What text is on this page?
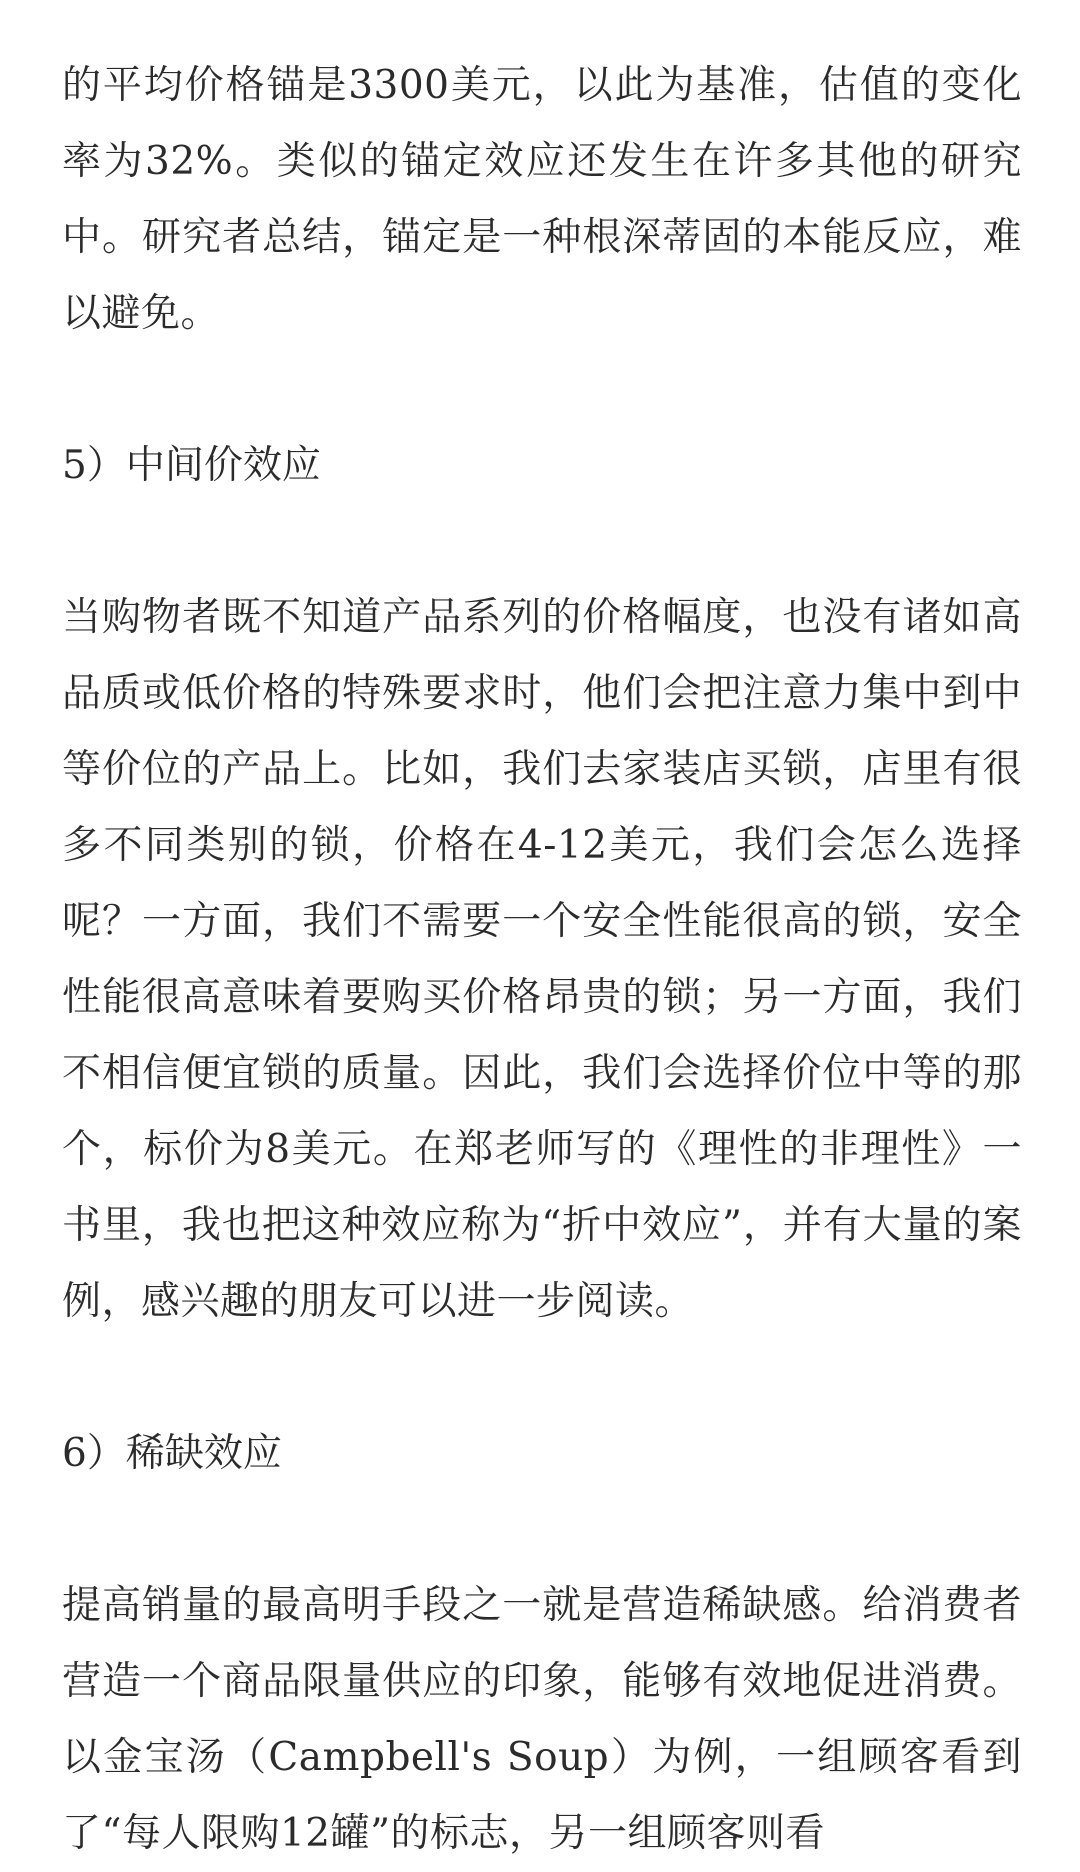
的平均价格锚是3300美元，以此为基准，估值的变化率为32%。类似的锚定效应还发生在许多其他的研究中。研究者总结，锚定是一种根深蒂固的本能反应，难以避免。

5）中间价效应

当购物者既不知道产品系列的价格幅度，也没有诸如高品质或低价格的特殊要求时，他们会把注意力集中到中等价位的产品上。比如，我们去家装店买锁，店里有很多不同类别的锁，价格在4-12美元，我们会怎么选择呢？一方面，我们不需要一个安全性能很高的锁，安全性能很高意味着要购买价格昂贵的锁；另一方面，我们不相信便宜锁的质量。因此，我们会选择价位中等的那个，标价为8美元。在郑老师写的《理性的非理性》一书里，我也把这种效应称为“折中效应”，并有大量的案例，感兴趣的朋友可以进一步阅读。

6）稀缺效应

提高销量的最高明手段之一就是营造稀缺感。给消费者营造一个商品限量供应的印象，能够有效地促进消费。以金宝汤（Campbell's Soup）为例，一组顾客看到了“每人限购12罐”的标志，另一组顾客则看
